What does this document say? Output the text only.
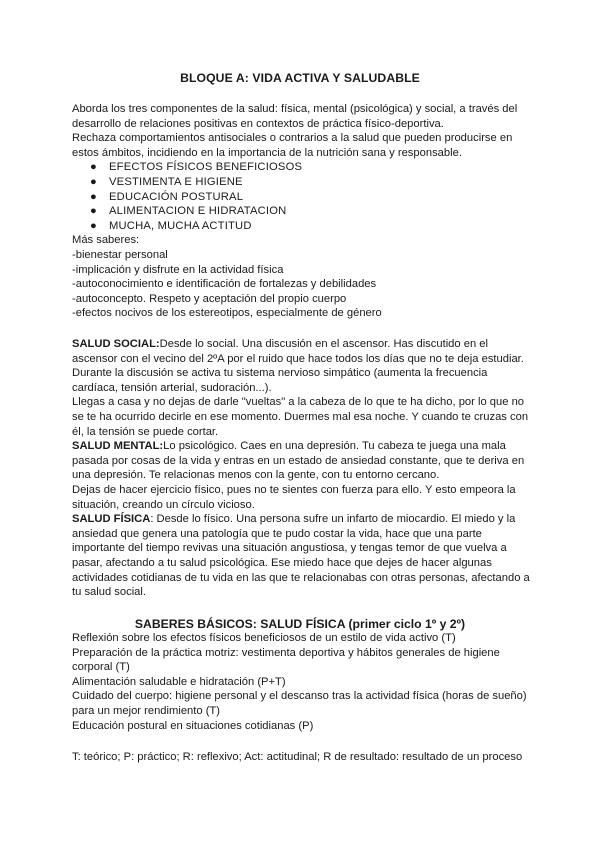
BLOQUE A: VIDA ACTIVA Y SALUDABLE

Aborda los tres componentes de la salud: física, mental (psicológica) y social, a través del

desarrollo de relaciones positivas en contextos de práctica físico-deportiva.

Rechaza comportamientos antisociales o contrarios a la salud que pueden producirse en

estos ámbitos, incidiendo en la importancia de la nutrición sana y responsable.

● EFECTOS FÍSICOS BENEFICIOSOS
● VESTIMENTA E HIGIENE
● EDUCACIÓN POSTURAL
● ALIMENTACION E HIDRATACION
● MUCHA, MUCHA ACTITUD

Más saberes:

-bienestar personal

-implicación y disfrute en la actividad física

-autoconocimiento e identificación de fortalezas y debilidades

-autoconcepto. Respeto y aceptación del propio cuerpo

-efectos nocivos de los estereotipos, especialmente de género

SALUD SOCIAL:Desde lo social. Una discusión en el ascensor. Has discutido en el

ascensor con el vecino del 2ºA por el ruido que hace todos los días que no te deja estudiar.

Durante la discusión se activa tu sistema nervioso simpático (aumenta la frecuencia

cardíaca, tensión arterial, sudoración...).

Llegas a casa y no dejas de darle "vueltas" a la cabeza de lo que te ha dicho, por lo que no

se te ha ocurrido decirle en ese momento. Duermes mal esa noche. Y cuando te cruzas con

él, la tensión se puede cortar.

SALUD MENTAL:Lo psicológico. Caes en una depresión. Tu cabeza te juega una mala

pasada por cosas de la vida y entras en un estado de ansiedad constante, que te deriva en

una depresión. Te relacionas menos con la gente, con tu entorno cercano.

Dejas de hacer ejercicio físico, pues no te sientes con fuerza para ello. Y esto empeora la

situación, creando un círculo vicioso.

SALUD FÍSICA: Desde lo físico. Una persona sufre un infarto de miocardio. El miedo y la

ansiedad que genera una patología que te pudo costar la vida, hace que una parte

importante del tiempo revivas una situación angustiosa, y tengas temor de que vuelva a

pasar, afectando a tu salud psicológica. Ese miedo hace que dejes de hacer algunas

actividades cotidianas de tu vida en las que te relacionabas con otras personas, afectando a

tu salud social.

SABERES BÁSICOS: SALUD FÍSICA (primer ciclo 1º y 2º)

Reflexión sobre los efectos físicos beneficiosos de un estilo de vida activo (T)

Preparación de la práctica motriz: vestimenta deportiva y hábitos generales de higiene

corporal (T)

Alimentación saludable e hidratación (P+T)

Cuidado del cuerpo: higiene personal y el descanso tras la actividad física (horas de sueño)

para un mejor rendimiento (T)

Educación postural en situaciones cotidianas (P)

T: teórico; P: práctico; R: reflexivo; Act: actitudinal; R de resultado: resultado de un proceso
